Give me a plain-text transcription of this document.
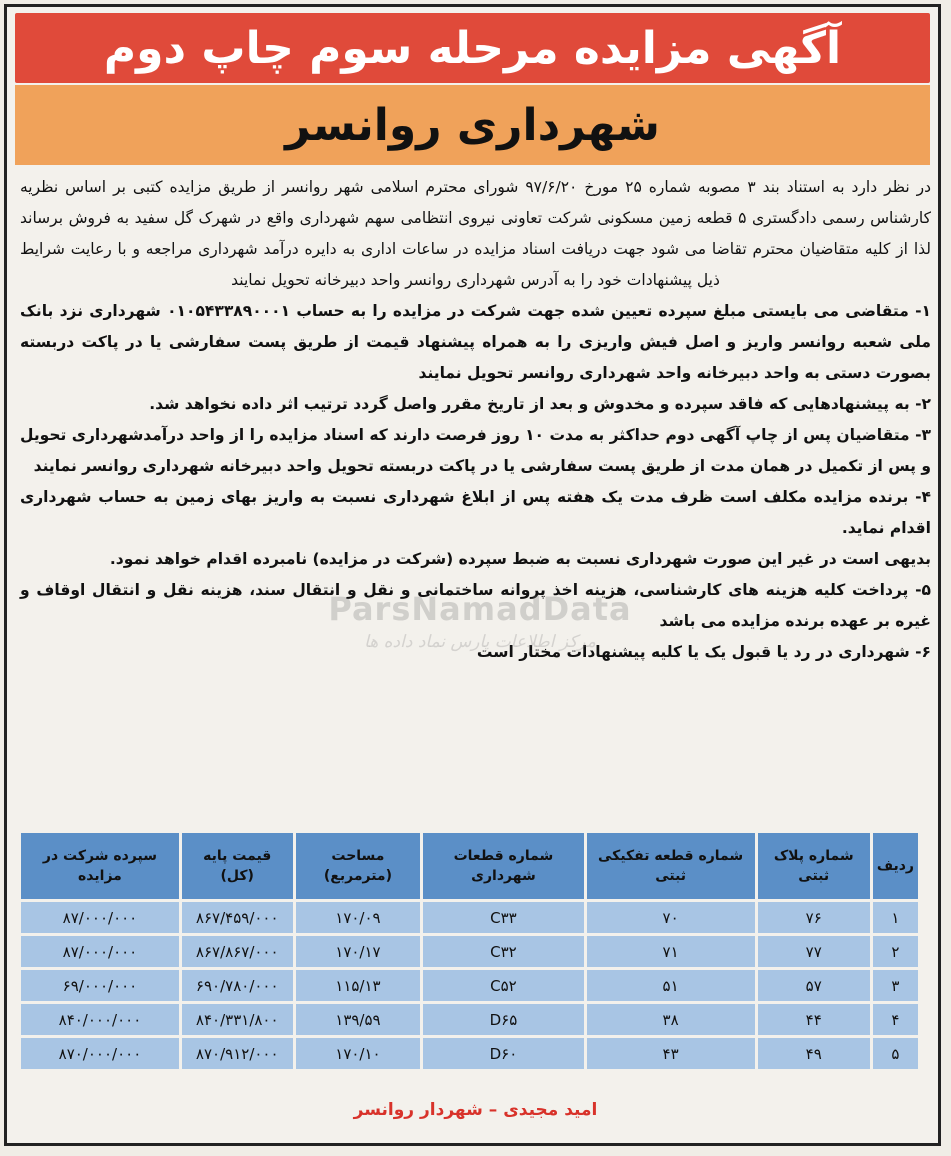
آگهی مزایده مرحله سوم چاپ دوم
شهرداری روانسر

در نظر دارد به استناد بند ۳ مصوبه شماره ۲۵ مورخ ۹۷/۶/۲۰ شورای محترم اسلامی شهر روانسر از طریق مزایده کتبی بر اساس نظریه کارشناس رسمی دادگستری ۵ قطعه زمین مسکونی شرکت تعاونی نیروی انتظامی سهم شهرداری واقع در شهرک گل سفید به فروش برساند لذا از کلیه متقاضیان محترم تقاضا می شود جهت دریافت اسناد مزایده در ساعات اداری به دایره درآمد شهرداری مراجعه و با رعایت شرایط ذیل پیشنهادات خود را به آدرس شهرداری روانسر واحد دبیرخانه تحویل نمایند

۱- متقاضی می بایستی مبلغ سپرده تعیین شده جهت شرکت در مزایده را به حساب ۰۱۰۵۴۳۳۸۹۰۰۰۱ شهرداری نزد بانک ملی شعبه روانسر واریز و اصل فیش واریزی را به همراه پیشنهاد قیمت از طریق پست سفارشی یا در پاکت دربسته بصورت دستی به واحد دبیرخانه واحد شهرداری روانسر تحویل نمایند

۲- به پیشنهادهایی که فاقد سپرده و مخدوش و بعد از تاریخ مقرر واصل گردد ترتیب اثر داده نخواهد شد.

۳- متقاضیان پس از چاپ آگهی دوم حداکثر به مدت ۱۰ روز فرصت دارند که اسناد مزایده را از واحد درآمدشهرداری تحویل و پس از تکمیل در همان مدت از طریق پست سفارشی یا در پاکت دربسته تحویل واحد دبیرخانه شهرداری روانسر نمایند

۴- برنده مزایده مکلف است ظرف مدت یک هفته پس از ابلاغ شهرداری نسبت به واریز بهای زمین به حساب شهرداری اقدام نماید.

بدیهی است در غیر این صورت شهرداری نسبت به ضبط سپرده (شرکت در مزایده) نامبرده اقدام خواهد نمود.

۵- پرداخت کلیه هزینه های کارشناسی، هزینه اخذ پروانه ساختمانی و نقل و انتقال سند، هزینه نقل و انتقال اوقاف و غیره بر عهده برنده مزایده می باشد

۶- شهرداری در رد یا قبول یک یا کلیه پیشنهادات مختار است

ParsNamadData
مرکز اطلاعات پارس نماد داده ها
ردیف	شماره پلاک ثبتی	شماره قطعه تفکیکی ثبتی	شماره قطعات شهرداری	مساحت (مترمربع)	قیمت پایه (کل)	سپرده شرکت در مزایده
۱	۷۶	۷۰	C۳۳	۱۷۰/۰۹	۸۶۷/۴۵۹/۰۰۰	۸۷/۰۰۰/۰۰۰
۲	۷۷	۷۱	C۳۲	۱۷۰/۱۷	۸۶۷/۸۶۷/۰۰۰	۸۷/۰۰۰/۰۰۰
۳	۵۷	۵۱	C۵۲	۱۱۵/۱۳	۶۹۰/۷۸۰/۰۰۰	۶۹/۰۰۰/۰۰۰
۴	۴۴	۳۸	D۶۵	۱۳۹/۵۹	۸۴۰/۳۳۱/۸۰۰	۸۴۰/۰۰۰/۰۰۰
۵	۴۹	۴۳	D۶۰	۱۷۰/۱۰	۸۷۰/۹۱۲/۰۰۰	۸۷۰/۰۰۰/۰۰۰
امید مجیدی – شهردار روانسر
